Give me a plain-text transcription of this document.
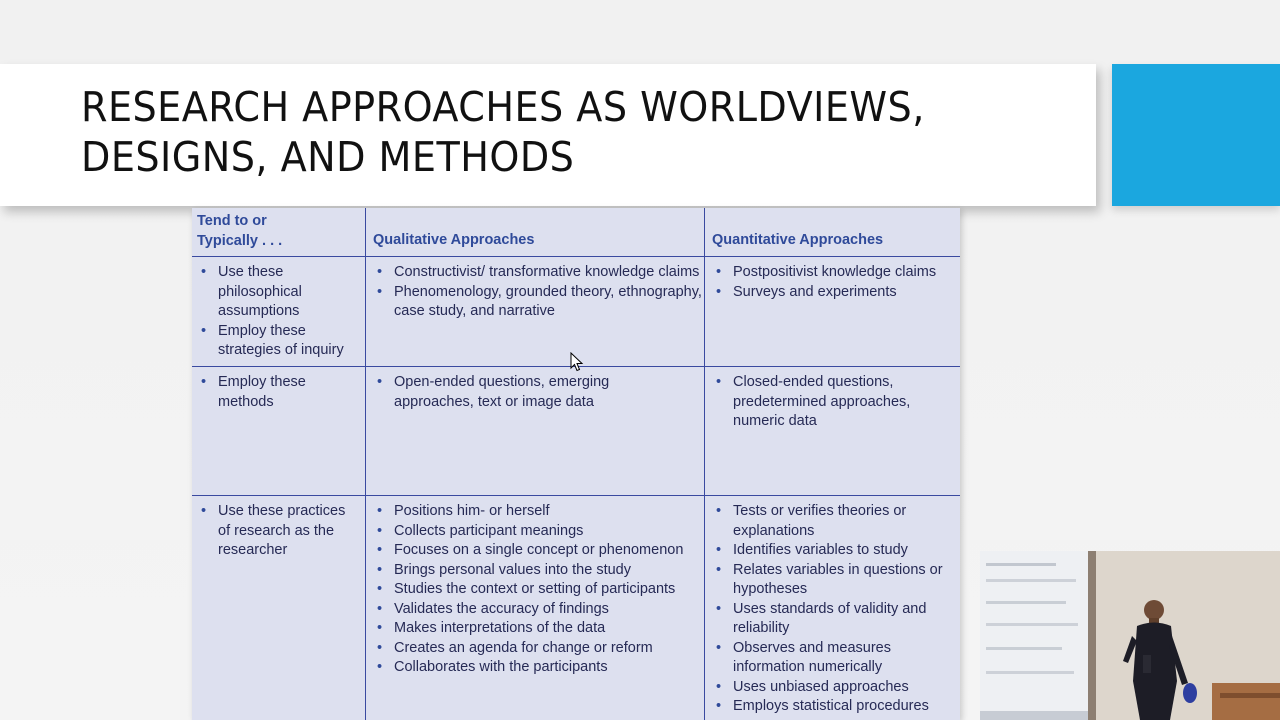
RESEARCH APPROACHES AS WORLDVIEWS,
DESIGNS, AND METHODS
Tend to or Typically . . .	Qualitative Approaches	Quantitative Approaches
• Use these philosophical assumptions
• Employ these strategies of inquiry
• Constructivist/ transformative knowledge claims
• Phenomenology, grounded theory, ethnography, case study, and narrative
• Postpositivist knowledge claims
• Surveys and experiments
• Employ these methods
• Open-ended questions, emerging approaches, text or image data
• Closed-ended questions, predetermined approaches, numeric data
• Use these practices of research as the researcher
• Positions him- or herself
• Collects participant meanings
• Focuses on a single concept or phenomenon
• Brings personal values into the study
• Studies the context or setting of participants
• Validates the accuracy of findings
• Makes interpretations of the data
• Creates an agenda for change or reform
• Collaborates with the participants
• Tests or verifies theories or explanations
• Identifies variables to study
• Relates variables in questions or hypotheses
• Uses standards of validity and reliability
• Observes and measures information numerically
• Uses unbiased approaches
• Employs statistical procedures
